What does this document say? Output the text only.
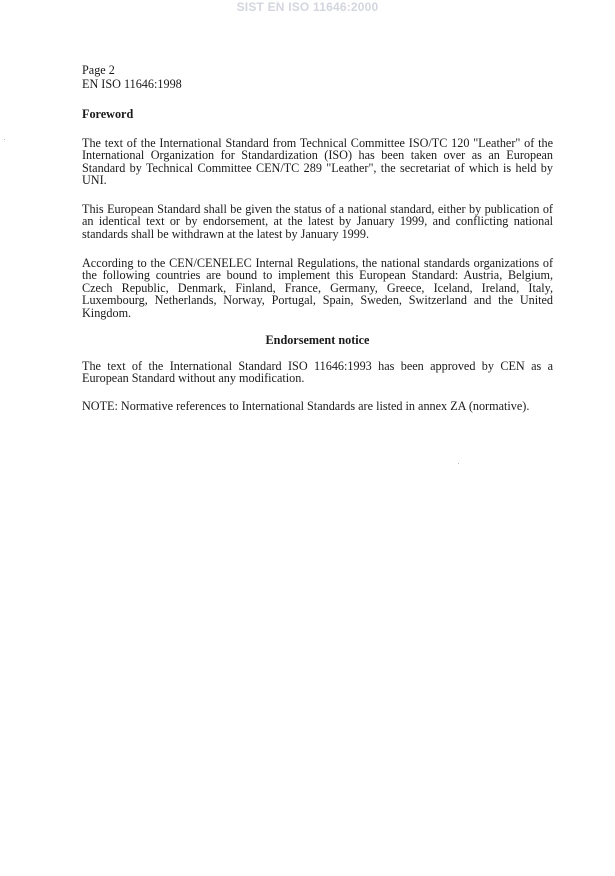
SIST EN ISO 11646:2000
Page 2
EN ISO 11646:1998
Foreword

The text of the International Standard from Technical Committee ISO/TC 120 "Leather" of the International Organization for Standardization (ISO) has been taken over as an European Standard by Technical Committee CEN/TC 289 "Leather", the secretariat of which is held by UNI.

This European Standard shall be given the status of a national standard, either by publication of an identical text or by endorsement, at the latest by January 1999, and conflicting national standards shall be withdrawn at the latest by January 1999.

According to the CEN/CENELEC Internal Regulations, the national standards organizations of the following countries are bound to implement this European Standard: Austria, Belgium, Czech Republic, Denmark, Finland, France, Germany, Greece, Iceland, Ireland, Italy, Luxembourg, Netherlands, Norway, Portugal, Spain, Sweden, Switzerland and the United Kingdom.

Endorsement notice

The text of the International Standard ISO 11646:1993 has been approved by CEN as a European Standard without any modification.

NOTE: Normative references to International Standards are listed in annex ZA (normative).
